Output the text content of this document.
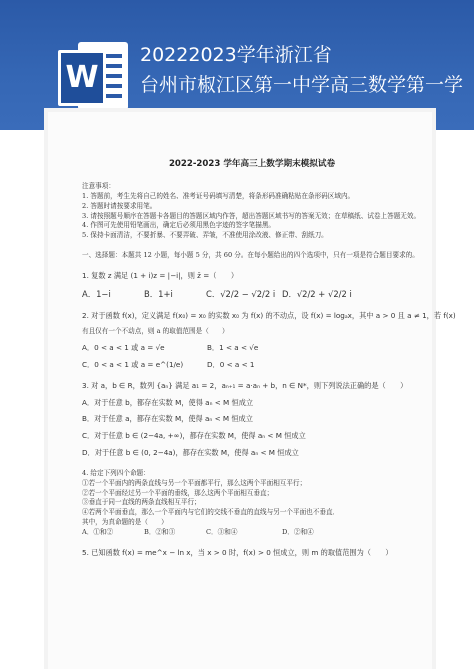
W
20222023学年浙江省
台州市椒江区第一中学高三数学第一学
2022-2023 学年高三上数学期末模拟试卷

注意事项：

1. 答题前，考生先将自己的姓名、准考证号码填写清楚，将条形码准确粘贴在条形码区域内。

2. 答题时请按要求用笔。

3. 请按照题号顺序在答题卡各题目的答题区域内作答，超出答题区域书写的答案无效；在草稿纸、试卷上答题无效。

4. 作图可先使用铅笔画出，确定后必须用黑色字迹的签字笔描黑。

5. 保持卡面清洁，不要折暴、不要弄破、弄皱，不准使用涂改液、修正带、刮纸刀。

一、选择题：本题共 12 小题，每小题 5 分，共 60 分。在每小题给出的四个选项中，只有一项是符合题目要求的。

1. 复数 z 满足 (1 + i)z = |−i|，则 z̄ =（　　）

A．1−i	B．1+i	C．√2/2 − √2/2 i D．√2/2 + √2/2 i

2. 对于函数 f(x)，定义满足 f(x₀) = x₀ 的实数 x₀ 为 f(x) 的不动点，设 f(x) = logₐx，其中 a > 0 且 a ≠ 1，若 f(x)

有且仅有一个不动点，则 a 的取值范围是（　　）

A．0 < a < 1 或 a = √e	B．1 < a < √e
C．0 < a < 1 或 a = e^(1/e)	D．0 < a < 1

3. 对 a，b ∈ R，数列 {aₙ} 满足 a₁ = 2，aₙ₊₁ = a·aₙ + b，n ∈ N*，则下列说法正确的是（　　）

A．对于任意 b，都存在实数 M，使得 aₙ < M 恒成立

B．对于任意 a，都存在实数 M，使得 aₙ < M 恒成立

C．对于任意 b ∈ (2−4a, +∞)，都存在实数 M，使得 aₙ < M 恒成立

D．对于任意 b ∈ (0, 2−4a)，都存在实数 M，使得 aₙ < M 恒成立

4. 给定下列四个命题：

①若一个平面内的两条直线与另一个平面都平行，那么这两个平面相互平行；

②若一个平面经过另一个平面的垂线，那么这两个平面相互垂直；

③垂直于同一直线的两条直线相互平行；

④若两个平面垂直，那么一个平面内与它们的交线不垂直的直线与另一个平面也不垂直．

其中，为真命题的是（　　）

A．①和②	B．②和③	C．③和④	D．②和④

5. 已知函数 f(x) = me^x − ln x，当 x > 0 时，f(x) > 0 恒成立，则 m 的取值范围为（　　）
